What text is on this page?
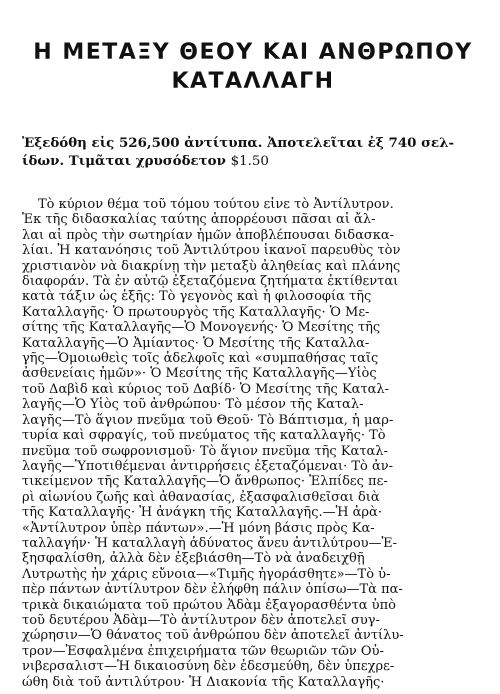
Η ΜΕΤΑΞΥ ΘΕΟΥ ΚΑΙ ΑΝΘΡΩΠΟΥ
ΚΑΤΑΛΛΑΓΗ
Ἐξεδόθη εἰς 526,500 ἀντίτυπα. Ἀποτελεῖται ἐξ 740 σελ-
ίδων. Τιμᾶται χρυσόδετον $1.50
Τὸ κύριον θέμα τοῦ τόμου τούτου εἶνε τὸ Ἀντίλυτρον.
Ἐκ τῆς διδασκαλίας ταύτης ἀπορρέουσι πᾶσαι αἱ ἄλ-
λαι αἱ πρὸς τὴν σωτηρίαν ἡμῶν ἀποβλέπουσαι διδασκα-
λίαι. Ἡ κατανόησις τοῦ Ἀντιλύτρου ἱκανοῖ παρευθὺς τὸν
χριστιανὸν νὰ διακρίνῃ τὴν μεταξὺ ἀληθείας καὶ πλάνης
διαφοράν. Τὰ ἐν αὐτῷ ἐξεταζόμενα ζητήματα ἐκτίθενται
κατὰ τάξιν ὡς ἑξῆς: Τὸ γεγονὸς καὶ ἡ φιλοσοφία τῆς
Καταλλαγῆς· Ὁ πρωτουργὸς τῆς Καταλλαγῆς· Ὁ Με-
σίτης τῆς Καταλλαγῆς—Ὁ Μονογενής· Ὁ Μεσίτης τῆς
Καταλλαγῆς—Ὁ Ἀμίαντος· Ὁ Μεσίτης τῆς Καταλλα-
γῆς—Ὁμοιωθεὶς τοῖς ἀδελφοῖς καὶ «συμπαθήσας ταῖς
ἀσθενείαις ἡμῶν»· Ὁ Μεσίτης τῆς Καταλλαγῆς—Υἱὸς
τοῦ Δαβὶδ καὶ κύριος τοῦ Δαβίδ· Ὁ Μεσίτης τῆς Καταλ-
λαγῆς—Ὁ Υἱὸς τοῦ ἀνθρώπου· Τὸ μέσον τῆς Καταλ-
λαγῆς—Τὸ ἅγιον πνεῦμα τοῦ Θεοῦ· Τὸ Βάπτισμα, ἡ μαρ-
τυρία καὶ σφραγίς, τοῦ πνεύματος τῆς καταλλαγῆς· Τὸ
πνεῦμα τοῦ σωφρονισμοῦ· Τὸ ἅγιον πνεῦμα τῆς Καταλ-
λαγῆς—Ὑποτιθέμεναι ἀντιρρήσεις ἐξεταζόμεναι· Τὸ ἀν-
τικείμενον τῆς Καταλλαγῆς—Ὁ ἄνθρωπος· Ἐλπίδες πε-
ρὶ αἰωνίου ζωῆς καὶ ἀθανασίας, ἐξασφαλισθεῖσαι διὰ
τῆς Καταλλαγῆς· Ἡ ἀνάγκη τῆς Καταλλαγῆς.—Ἡ ἀρὰ·
«Ἀντίλυτρον ὑπὲρ πάντων».—Ἡ μόνη βάσις πρὸς Κα-
ταλλαγήν· Ἡ καταλλαγὴ ἀδύνατος ἄνευ ἀντιλύτρου—Ἐ-
ξησφαλίσθη, ἀλλὰ δὲν ἐξεβιάσθη—Τὸ νὰ ἀναδειχθῇ
Λυτρωτὴς ἦν χάρις εὔνοια—«Τιμῆς ἠγοράσθητε»—Τὸ ὑ-
πὲρ πάντων ἀντίλυτρον δὲν ἐλήφθη πάλιν ὀπίσω—Τὰ πα-
τρικὰ δικαιώματα τοῦ πρώτου Ἀδὰμ ἐξαγορασθέντα ὑπὸ
τοῦ δευτέρου Ἀδὰμ—Τὸ ἀντίλυτρον δὲν ἀποτελεῖ συγ-
χώρησιν—Ὁ θάνατος τοῦ ἀνθρώπου δὲν ἀποτελεῖ ἀντίλυ-
τρον—Ἐσφαλμένα ἐπιχειρήματα τῶν θεωριῶν τῶν Οὐ-
νιβερσαλιστ—Ἡ δικαιοσύνη δὲν ἐδεσμεύθη, δὲν ὑπεχρε-
ώθη διὰ τοῦ ἀντιλύτρου· Ἡ Διακονία τῆς Καταλλαγῆς·
